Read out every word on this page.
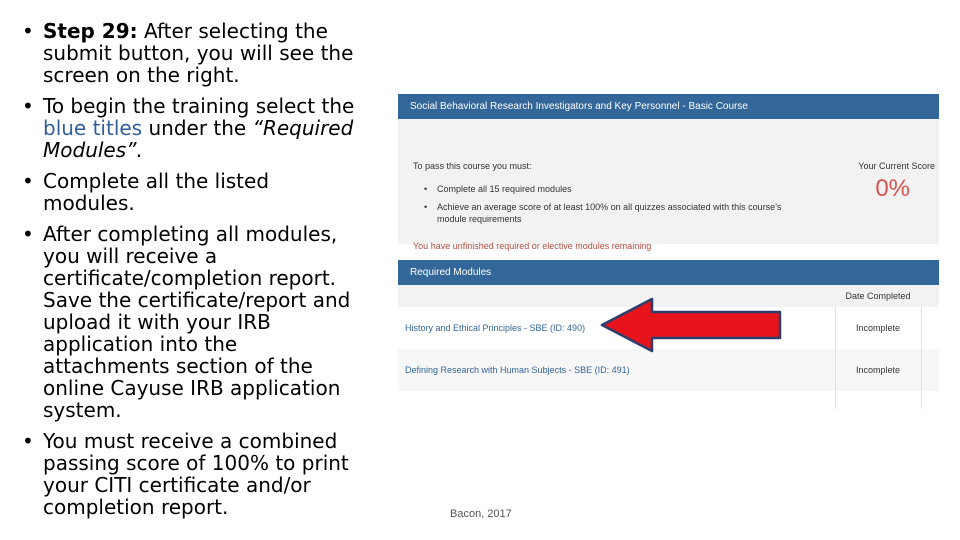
• Step 29: After selecting the submit button, you will see the screen on the right.
• To begin the training select the blue titles under the “Required Modules”.
• Complete all the listed modules.
• After completing all modules, you will receive a certificate/completion report. Save the certificate/report and upload it with your IRB application into the attachments section of the online Cayuse IRB application system.
• You must receive a combined passing score of 100% to print your CITI certificate and/or completion report.
Social Behavioral Research Investigators and Key Personnel - Basic Course
To pass this course you must:
• Complete all 15 required modules
• Achieve an average score of at least 100% on all quizzes associated with this course's module requirements
You have unfinished required or elective modules remaining
Your Current Score
0%
Required Modules
	Date Completed	
History and Ethical Principles - SBE (ID: 490)	Incomplete	
Defining Research with Human Subjects - SBE (ID: 491)	Incomplete	

Bacon, 2017
